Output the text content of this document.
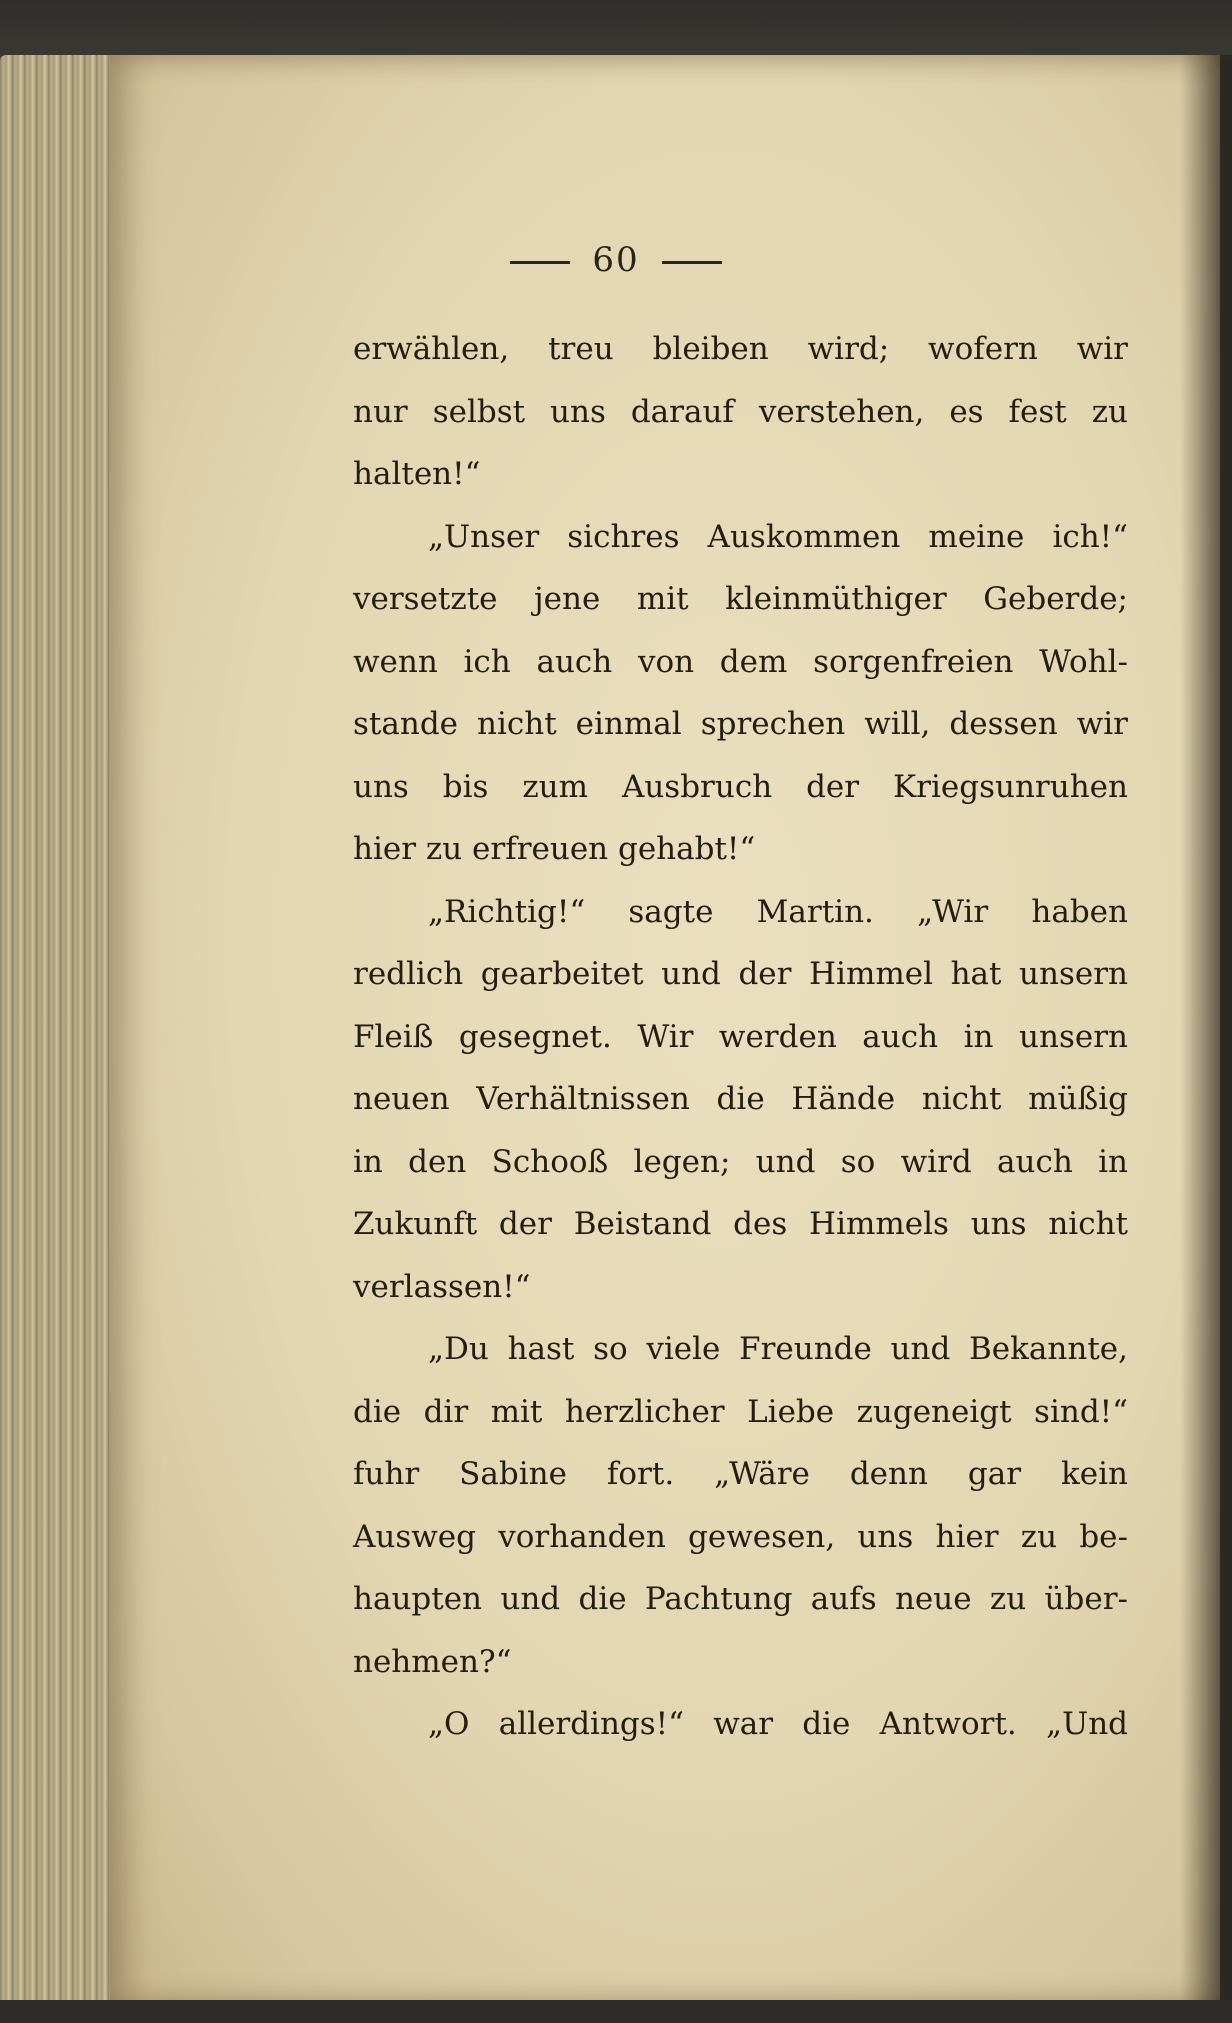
60
erwählen, treu bleiben wird; wofern wir
nur selbst uns darauf verstehen, es fest zu
halten!“
„Unser sichres Auskommen meine ich!“
versetzte jene mit kleinmüthiger Geberde;
wenn ich auch von dem sorgenfreien Wohl-
stande nicht einmal sprechen will, dessen wir
uns bis zum Ausbruch der Kriegsunruhen
hier zu erfreuen gehabt!“
„Richtig!“ sagte Martin. „Wir haben
redlich gearbeitet und der Himmel hat unsern
Fleiß gesegnet. Wir werden auch in unsern
neuen Verhältnissen die Hände nicht müßig
in den Schooß legen; und so wird auch in
Zukunft der Beistand des Himmels uns nicht
verlassen!“
„Du hast so viele Freunde und Bekannte,
die dir mit herzlicher Liebe zugeneigt sind!“
fuhr Sabine fort. „Wäre denn gar kein
Ausweg vorhanden gewesen, uns hier zu be-
haupten und die Pachtung aufs neue zu über-
nehmen?“
„O allerdings!“ war die Antwort. „Und
